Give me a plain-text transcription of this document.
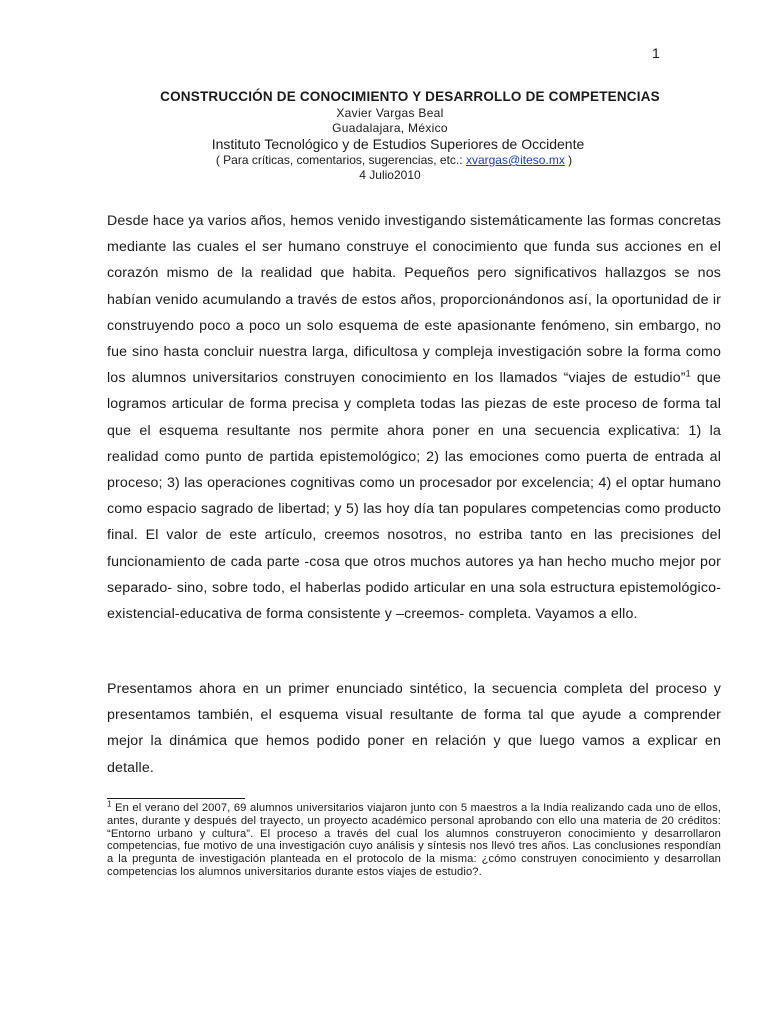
1

CONSTRUCCIÓN DE CONOCIMIENTO Y DESARROLLO DE COMPETENCIAS

Xavier Vargas Beal

Guadalajara, México

Instituto Tecnológico y de Estudios Superiores de Occidente

( Para críticas, comentarios, sugerencias, etc.: xvargas@iteso.mx )

4 Julio2010

Desde hace ya varios años, hemos venido investigando sistemáticamente las formas concretas mediante las cuales el ser humano construye el conocimiento que funda sus acciones en el corazón mismo de la realidad que habita. Pequeños pero significativos hallazgos se nos habían venido acumulando a través de estos años, proporcionándonos así, la oportunidad de ir construyendo poco a poco un solo esquema de este apasionante fenómeno, sin embargo, no fue sino hasta concluir nuestra larga, dificultosa y compleja investigación sobre la forma como los alumnos universitarios construyen conocimiento en los llamados “viajes de estudio”$^1$ que logramos articular de forma precisa y completa todas las piezas de este proceso de forma tal que el esquema resultante nos permite ahora poner en una secuencia explicativa: 1) la realidad como punto de partida epistemológico; 2) las emociones como puerta de entrada al proceso; 3) las operaciones cognitivas como un procesador por excelencia; 4) el optar humano como espacio sagrado de libertad; y 5) las hoy día tan populares competencias como producto final. El valor de este artículo, creemos nosotros, no estriba tanto en las precisiones del funcionamiento de cada parte -cosa que otros muchos autores ya han hecho mucho mejor por separado- sino, sobre todo, el haberlas podido articular en una sola estructura epistemológico-existencial-educativa de forma consistente y –creemos- completa. Vayamos a ello.

Presentamos ahora en un primer enunciado sintético, la secuencia completa del proceso y presentamos también, el esquema visual resultante de forma tal que ayude a comprender mejor la dinámica que hemos podido poner en relación y que luego vamos a explicar en detalle.

$^1$ En el verano del 2007, 69 alumnos universitarios viajaron junto con 5 maestros a la India realizando cada uno de ellos, antes, durante y después del trayecto, un proyecto académico personal aprobando con ello una materia de 20 créditos: “Entorno urbano y cultura”. El proceso a través del cual los alumnos construyeron conocimiento y desarrollaron competencias, fue motivo de una investigación cuyo análisis y síntesis nos llevó tres años. Las conclusiones respondían a la pregunta de investigación planteada en el protocolo de la misma: ¿cómo construyen conocimiento y desarrollan competencias los alumnos universitarios durante estos viajes de estudio?.
